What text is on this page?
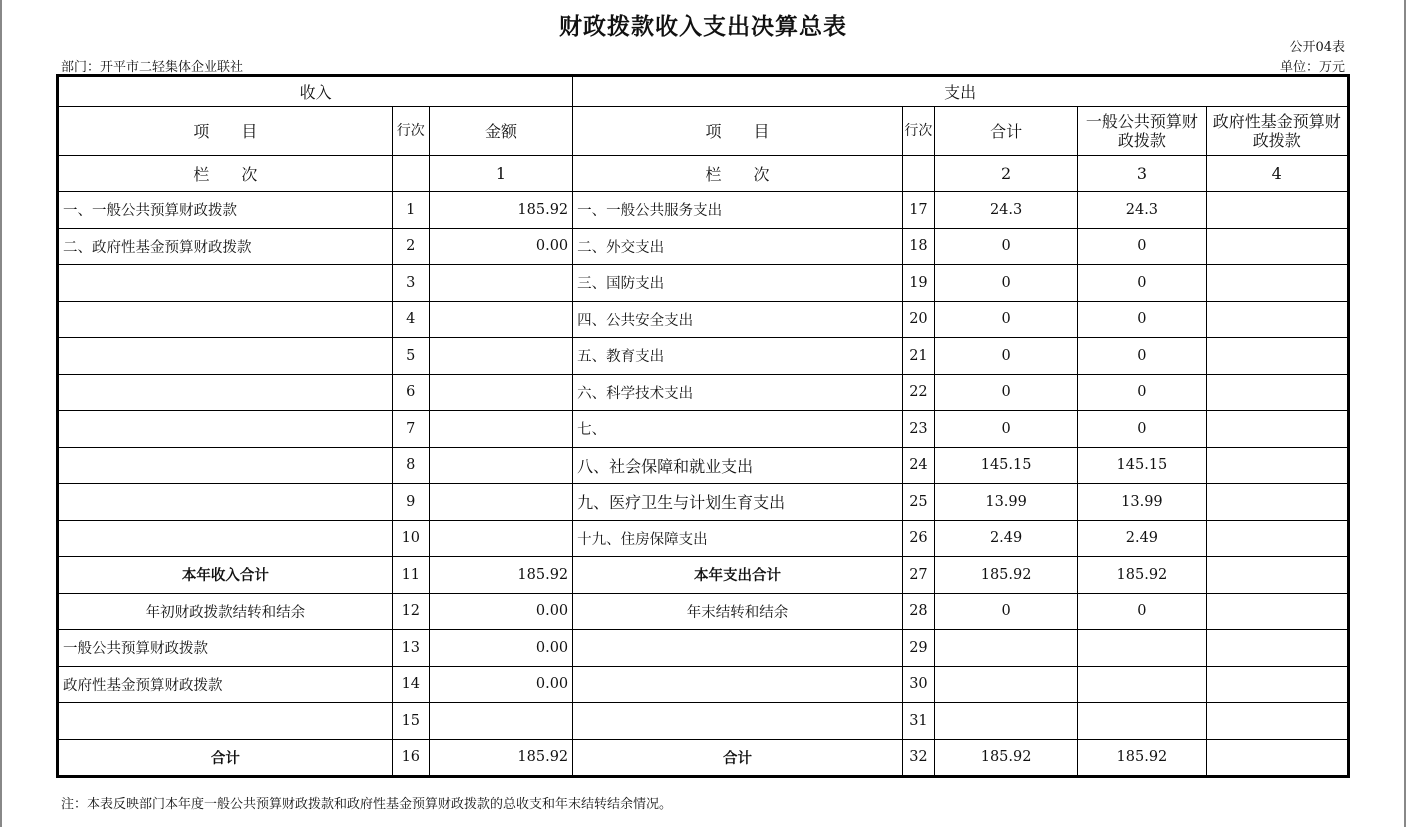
财政拨款收入支出决算总表
公开04表
部门：开平市二轻集体企业联社	单位：万元
收入			支出				
项　　目	行次	金额	项　　目	行次	合计	一般公共预算财政拨款	政府性基金预算财政拨款
栏　　次		1	栏　　次		2	3	4
一、一般公共预算财政拨款	1	185.92	一、一般公共服务支出	17	24.3	24.3	
二、政府性基金预算财政拨款	2	0.00	二、外交支出	18	0	0	
	3		三、国防支出	19	0	0	
	4		四、公共安全支出	20	0	0	
	5		五、教育支出	21	0	0	
	6		六、科学技术支出	22	0	0	
	7		七、	23	0	0	
	8		八、社会保障和就业支出	24	145.15	145.15	
	9		九、医疗卫生与计划生育支出	25	13.99	13.99	
	10		十九、住房保障支出	26	2.49	2.49	
本年收入合计	11	185.92	本年支出合计	27	185.92	185.92	
年初财政拨款结转和结余	12	0.00	年末结转和结余	28	0	0	
一般公共预算财政拨款	13	0.00		29			
政府性基金预算财政拨款	14	0.00		30			
	15			31			
合计	16	185.92	合计	32	185.92	185.92	
注：本表反映部门本年度一般公共预算财政拨款和政府性基金预算财政拨款的总收支和年末结转结余情况。
